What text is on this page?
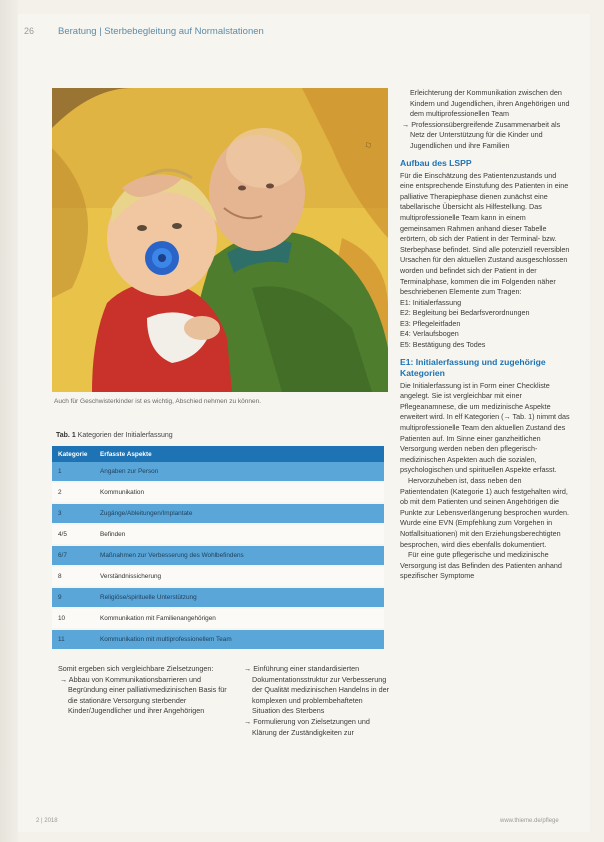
26	Beratung | Sterbebegleitung auf Normalstationen
☐
Auch für Geschwisterkinder ist es wichtig, Abschied nehmen zu können.
Tab. 1 Kategorien der Initialerfassung
Kategorie	Erfasste Aspekte
1	Angaben zur Person
2	Kommunikation
3	Zugänge/Ableitungen/Implantate
4/5	Befinden
6/7	Maßnahmen zur Verbesserung des Wohlbefindens
8	Verständnissicherung
9	Religiöse/spirituelle Unterstützung
10	Kommunikation mit Familienangehörigen
11	Kommunikation mit multiprofessionellem Team

Somit ergeben sich vergleichbare Zielsetzungen:

→ Abbau von Kommunikationsbarrieren und Begründung einer palliativmedizinischen Basis für die stationäre Versorgung sterbender Kinder/Jugendlicher und ihrer Angehörigen

→ Einführung einer standardisierten Dokumentationsstruktur zur Verbesserung der Qualität medizinischen Handelns in der komplexen und problembehafteten Situation des Sterbens

→ Formulierung von Zielsetzungen und Klärung der Zuständigkeiten zur

Erleichterung der Kommunikation zwischen den Kindern und Jugendlichen, ihren Angehörigen und dem multiprofessionellen Team

→ Professionsübergreifende Zusammenarbeit als Netz der Unterstützung für die Kinder und Jugendlichen und ihre Familien

Aufbau des LSPP

Für die Einschätzung des Patientenzustands und eine entsprechende Einstufung des Patienten in eine palliative Therapiephase dienen zunächst eine tabellarische Übersicht als Hilfestellung. Das multiprofessionelle Team kann in einem gemeinsamen Rahmen anhand dieser Tabelle erörtern, ob sich der Patient in der Terminal- bzw. Sterbephase befindet. Sind alle potenziell reversiblen Ursachen für den aktuellen Zustand ausgeschlossen worden und befindet sich der Patient in der Terminalphase, kommen die im Folgenden näher beschriebenen Elemente zum Tragen:

E1: Initialerfassung

E2: Begleitung bei Bedarfsverordnungen

E3: Pflegeleitfaden

E4: Verlaufsbogen

E5: Bestätigung des Todes

E1: Initialerfassung und zugehörige Kategorien

Die Initialerfassung ist in Form einer Checkliste angelegt. Sie ist vergleichbar mit einer Pflegeanamnese, die um medizinische Aspekte erweitert wird. In elf Kategorien (→ Tab. 1) nimmt das multiprofessionelle Team den aktuellen Zustand des Patienten auf. Im Sinne einer ganzheitlichen Versorgung werden neben den pflegerisch-medizinischen Aspekten auch die sozialen, psychologischen und spirituellen Aspekte erfasst.

Hervorzuheben ist, dass neben den Patientendaten (Kategorie 1) auch festgehalten wird, ob mit dem Patienten und seinen Angehörigen die Punkte zur Lebensverlängerung besprochen wurden. Wurde eine EVN (Empfehlung zum Vorgehen in Notfallsituationen) mit den Erziehungsberechtigten besprochen, wird dies ebenfalls dokumentiert.

Für eine gute pflegerische und medizinische Versorgung ist das Befinden des Patienten anhand spezifischer Symptome

2 | 2018	www.thieme.de/pflege
